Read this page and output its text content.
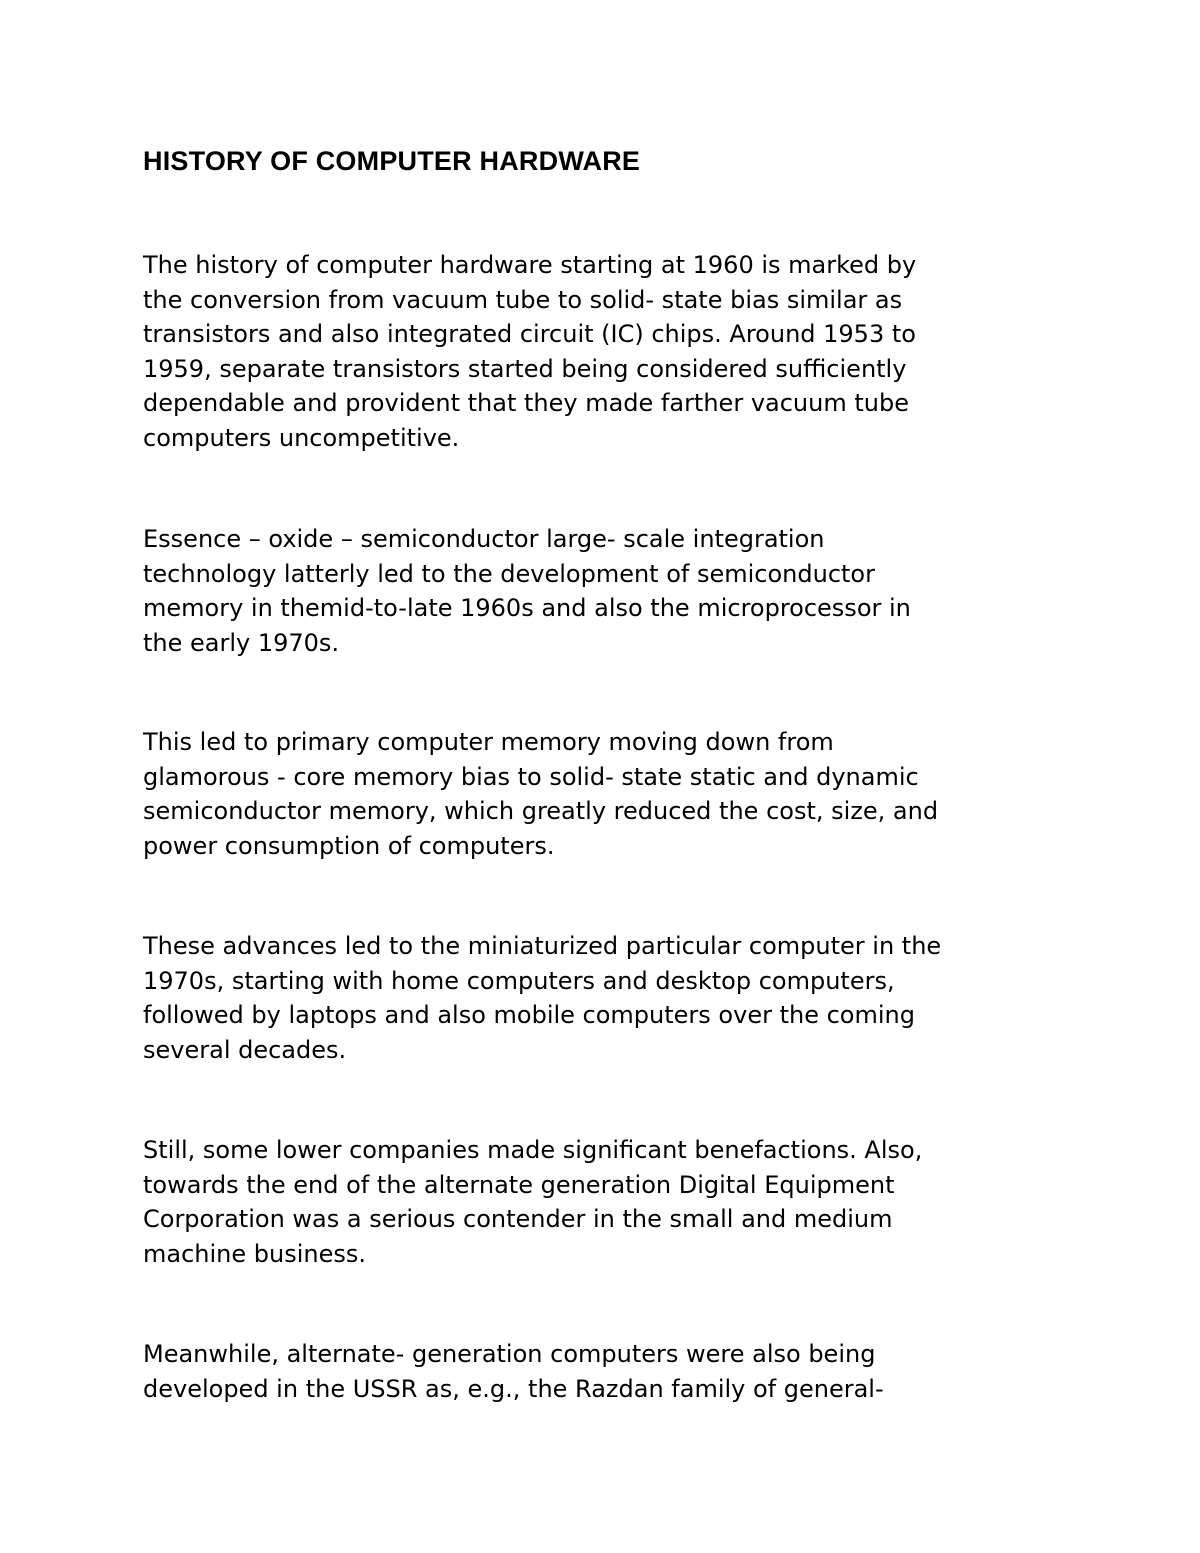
HISTORY OF COMPUTER HARDWARE

The history of computer hardware starting at 1960 is marked by
the conversion from vacuum tube to solid- state bias similar as
transistors and also integrated circuit (IC) chips. Around 1953 to
1959, separate transistors started being considered sufficiently
dependable and provident that they made farther vacuum tube
computers uncompetitive.

Essence – oxide – semiconductor large- scale integration
technology latterly led to the development of semiconductor
memory in themid-to-late 1960s and also the microprocessor in
the early 1970s.

This led to primary computer memory moving down from
glamorous - core memory bias to solid- state static and dynamic
semiconductor memory, which greatly reduced the cost, size, and
power consumption of computers.

These advances led to the miniaturized particular computer in the
1970s, starting with home computers and desktop computers,
followed by laptops and also mobile computers over the coming
several decades.

Still, some lower companies made significant benefactions. Also,
towards the end of the alternate generation Digital Equipment
Corporation was a serious contender in the small and medium
machine business.

Meanwhile, alternate- generation computers were also being
developed in the USSR as, e.g., the Razdan family of general-
